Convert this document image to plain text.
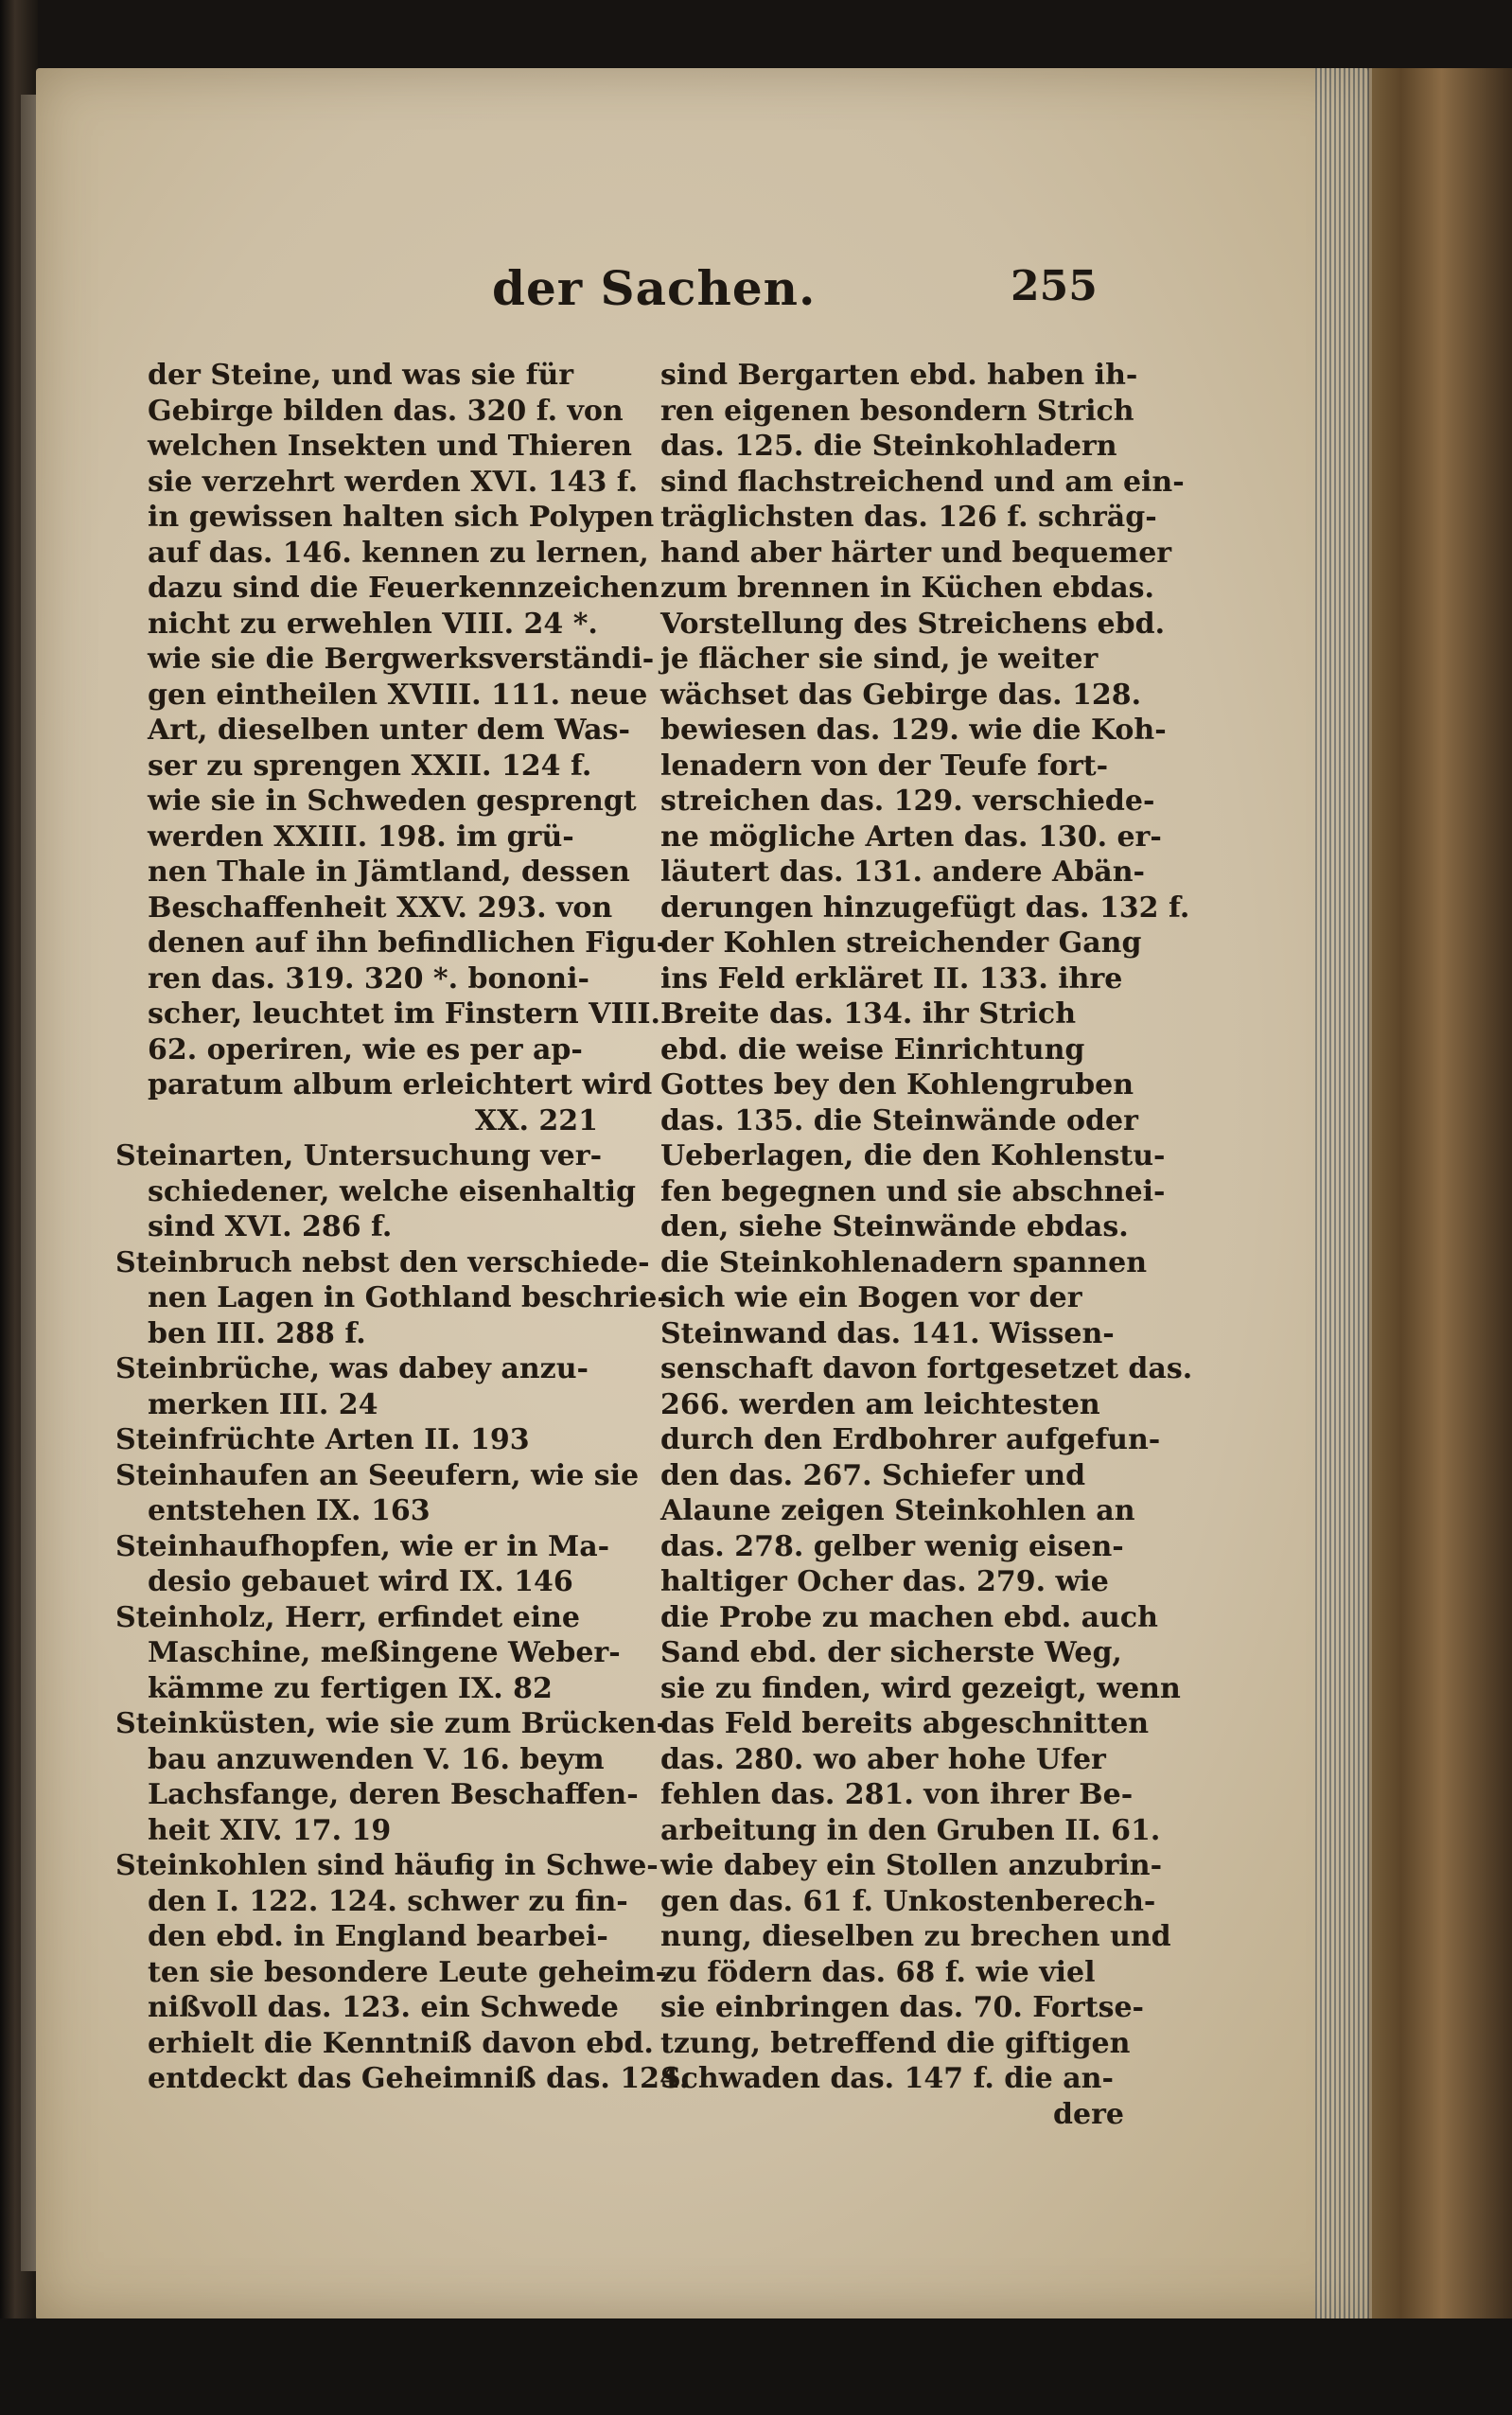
der Sachen.	255
der Steine, und was sie für
Gebirge bilden das. 320 f. von
welchen Insekten und Thieren
sie verzehrt werden XVI. 143 f.
in gewissen halten sich Polypen
auf das. 146. kennen zu lernen,
dazu sind die Feuerkennzeichen
nicht zu erwehlen VIII. 24 *.
wie sie die Bergwerksverständi-
gen eintheilen XVIII. 111. neue
Art, dieselben unter dem Was-
ser zu sprengen XXII. 124 f.
wie sie in Schweden gesprengt
werden XXIII. 198. im grü-
nen Thale in Jämtland, dessen
Beschaffenheit XXV. 293. von
denen auf ihn befindlichen Figu-
ren das. 319. 320 *. bononi-
scher, leuchtet im Finstern VIII.
62. operiren, wie es per ap-
paratum album erleichtert wird
XX. 221
Steinarten, Untersuchung ver-
schiedener, welche eisenhaltig
sind XVI. 286 f.
Steinbruch nebst den verschiede-
nen Lagen in Gothland beschrie-
ben III. 288 f.
Steinbrüche, was dabey anzu-
merken III. 24
Steinfrüchte Arten II. 193
Steinhaufen an Seeufern, wie sie
entstehen IX. 163
Steinhaufhopfen, wie er in Ma-
desio gebauet wird IX. 146
Steinholz, Herr, erfindet eine
Maschine, meßingene Weber-
kämme zu fertigen IX. 82
Steinküsten, wie sie zum Brücken-
bau anzuwenden V. 16. beym
Lachsfange, deren Beschaffen-
heit XIV. 17. 19
Steinkohlen sind häufig in Schwe-
den I. 122. 124. schwer zu fin-
den ebd. in England bearbei-
ten sie besondere Leute geheim-
nißvoll das. 123. ein Schwede
erhielt die Kenntniß davon ebd.
entdeckt das Geheimniß das. 124.
sind Bergarten ebd. haben ih-
ren eigenen besondern Strich
das. 125. die Steinkohladern
sind flachstreichend und am ein-
träglichsten das. 126 f. schräg-
hand aber härter und bequemer
zum brennen in Küchen ebdas.
Vorstellung des Streichens ebd.
je flächer sie sind, je weiter
wächset das Gebirge das. 128.
bewiesen das. 129. wie die Koh-
lenadern von der Teufe fort-
streichen das. 129. verschiede-
ne mögliche Arten das. 130. er-
läutert das. 131. andere Abän-
derungen hinzugefügt das. 132 f.
der Kohlen streichender Gang
ins Feld erkläret II. 133. ihre
Breite das. 134. ihr Strich
ebd. die weise Einrichtung
Gottes bey den Kohlengruben
das. 135. die Steinwände oder
Ueberlagen, die den Kohlenstu-
fen begegnen und sie abschnei-
den, siehe Steinwände ebdas.
die Steinkohlenadern spannen
sich wie ein Bogen vor der
Steinwand das. 141. Wissen-
senschaft davon fortgesetzet das.
266. werden am leichtesten
durch den Erdbohrer aufgefun-
den das. 267. Schiefer und
Alaune zeigen Steinkohlen an
das. 278. gelber wenig eisen-
haltiger Ocher das. 279. wie
die Probe zu machen ebd. auch
Sand ebd. der sicherste Weg,
sie zu finden, wird gezeigt, wenn
das Feld bereits abgeschnitten
das. 280. wo aber hohe Ufer
fehlen das. 281. von ihrer Be-
arbeitung in den Gruben II. 61.
wie dabey ein Stollen anzubrin-
gen das. 61 f. Unkostenberech-
nung, dieselben zu brechen und
zu födern das. 68 f. wie viel
sie einbringen das. 70. Fortse-
tzung, betreffend die giftigen
Schwaden das. 147 f. die an-
dere
